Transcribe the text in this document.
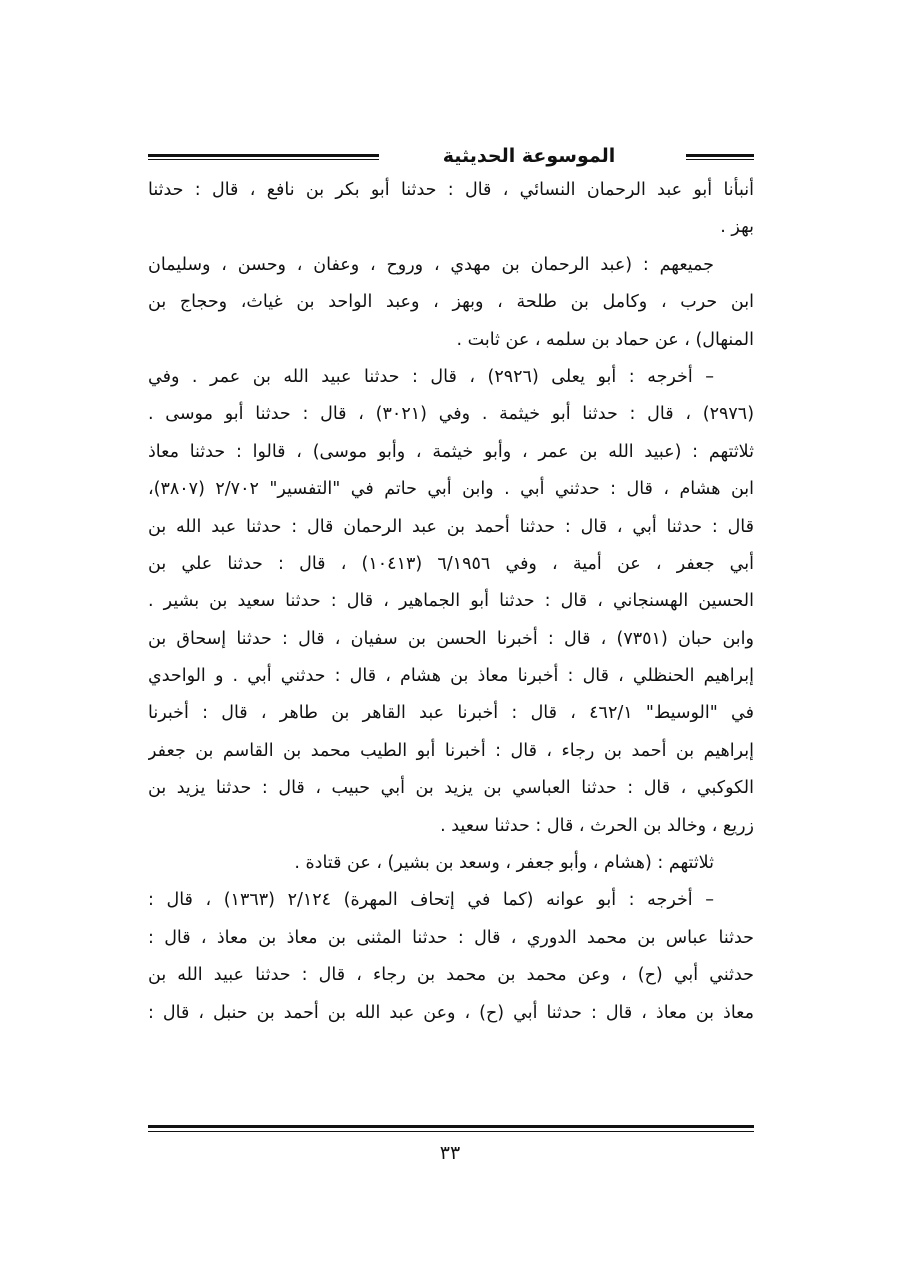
الموسوعة الحديثية
أنبأنا أبو عبد الرحمان النسائي ، قال : حدثنا أبو بكر بن نافع ، قال : حدثنا
بهز .
جميعهم : (عبد الرحمان بن مهدي ، وروح ، وعفان ، وحسن ، وسليمان
ابن حرب ، وكامل بن طلحة ، وبهز ، وعبد الواحد بن غياث، وحجاج بن
المنهال) ، عن حماد بن سلمه ، عن ثابت .
– أخرجه : أبو يعلى (٢٩٢٦) ، قال : حدثنا عبيد الله بن عمر . وفي
(٢٩٧٦) ، قال : حدثنا أبو خيثمة . وفي (٣٠٢١) ، قال : حدثنا أبو موسى .
ثلاثتهم : (عبيد الله بن عمر ، وأبو خيثمة ، وأبو موسى) ، قالوا : حدثنا معاذ
ابن هشام ، قال : حدثني أبي . وابن أبي حاتم في "التفسير" ٢/٧٠٢ (٣٨٠٧)،
قال : حدثنا أبي ، قال : حدثنا أحمد بن عبد الرحمان قال : حدثنا عبد الله بن
أبي جعفر ، عن أمية ، وفي ٦/١٩٥٦ (١٠٤١٣) ، قال : حدثنا علي بن
الحسين الهسنجاني ، قال : حدثنا أبو الجماهير ، قال : حدثنا سعيد بن بشير .
وابن حبان (٧٣٥١) ، قال : أخبرنا الحسن بن سفيان ، قال : حدثنا إسحاق بن
إبراهيم الحنظلي ، قال : أخبرنا معاذ بن هشام ، قال : حدثني أبي . و الواحدي
في "الوسيط" ٤٦٢/١ ، قال : أخبرنا عبد القاهر بن طاهر ، قال : أخبرنا
إبراهيم بن أحمد بن رجاء ، قال : أخبرنا أبو الطيب محمد بن القاسم بن جعفر
الكوكبي ، قال : حدثنا العباسي بن يزيد بن أبي حبيب ، قال : حدثنا يزيد بن
زريع ، وخالد بن الحرث ، قال : حدثنا سعيد .
ثلاثتهم : (هشام ، وأبو جعفر ، وسعد بن بشير) ، عن قتادة .
– أخرجه : أبو عوانه (كما في إتحاف المهرة) ٢/١٢٤ (١٣٦٣) ، قال :
حدثنا عباس بن محمد الدوري ، قال : حدثنا المثنى بن معاذ بن معاذ ، قال :
حدثني أبي (ح) ، وعن محمد بن محمد بن رجاء ، قال : حدثنا عبيد الله بن
معاذ بن معاذ ، قال : حدثنا أبي (ح) ، وعن عبد الله بن أحمد بن حنبل ، قال :
٣٣
